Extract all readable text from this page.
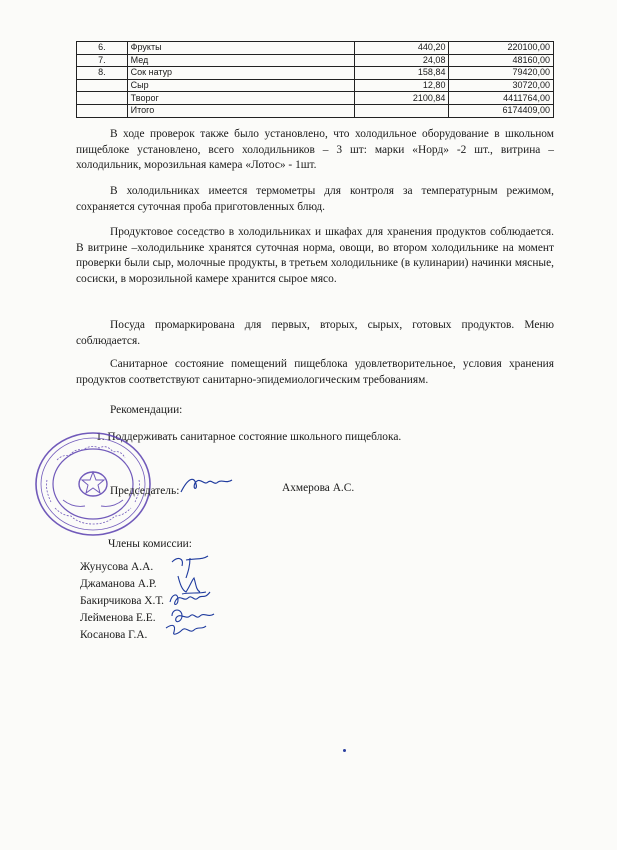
6.	Фрукты	440,20	220100,00
7.	Мед	24,08	48160,00
8.	Сок натур	158,84	79420,00
	Сыр	12,80	30720,00
	Творог	2100,84	4411764,00
	Итого		6174409,00

В ходе проверок также было установлено, что холодильное оборудование в школьном пищеблоке установлено, всего холодильников – 3 шт: марки «Норд» -2 шт., витрина –холодильник, морозильная камера «Лотос» - 1шт.

В холодильниках имеется термометры для контроля за температурным режимом, сохраняется суточная проба приготовленных блюд.

Продуктовое соседство в холодильниках и шкафах для хранения продуктов соблюдается. В витрине –холодильнике хранятся суточная норма, овощи, во втором холодильнике на момент проверки были сыр, молочные продукты, в третьем холодильнике (в кулинарии) начинки мясные, сосиски, в морозильной камере хранится сырое мясо.

Посуда промаркирована для первых, вторых, сырых, готовых продуктов. Меню соблюдается.

Санитарное состояние помещений пищеблока удовлетворительное, условия хранения продуктов соответствуют санитарно-эпидемиологическим требованиям.

Рекомендации:
1. Поддерживать санитарное состояние школьного пищеблока.
Председатель:	Ахмерова А.С.
Члены комиссии:
Жунусова А.А.
Джаманова А.Р.
Бакирчикова Х.Т.
Лейменова Е.Е.
Косанова Г.А.
